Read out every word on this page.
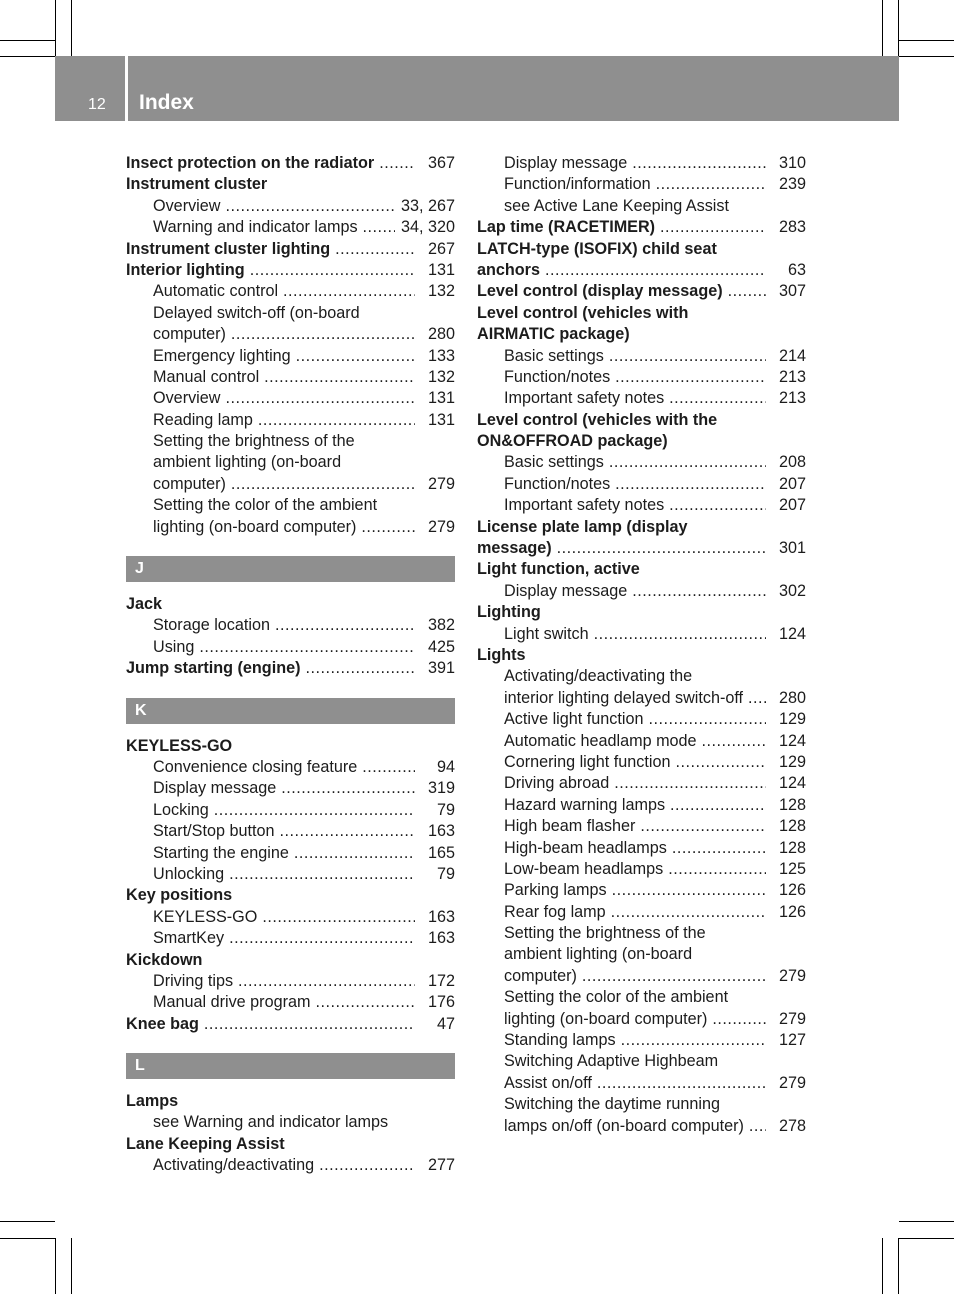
12 Index
Insect protection on the radiator .....	367
Instrument cluster
Overview .....	33, 267
Warning and indicator lamps .....	34, 320
Instrument cluster lighting .....	267
Interior lighting .....	131
Automatic control .....	132
Delayed switch-off (on-board
computer) .....	280
Emergency lighting .....	133
Manual control .....	132
Overview .....	131
Reading lamp .....	131
Setting the brightness of the
ambient lighting (on-board
computer) .....	279
Setting the color of the ambient
lighting (on-board computer) .....	279
J
Jack
Storage location .....	382
Using .....	425
Jump starting (engine) .....	391
K
KEYLESS-GO
Convenience closing feature .....	94
Display message .....	319
Locking .....	79
Start/Stop button .....	163
Starting the engine .....	165
Unlocking .....	79
Key positions
KEYLESS-GO .....	163
SmartKey .....	163
Kickdown
Driving tips .....	172
Manual drive program .....	176
Knee bag .....	47
L
Lamps
see Warning and indicator lamps
Lane Keeping Assist
Activating/deactivating .....	277
Display message .....	310
Function/information .....	239
see Active Lane Keeping Assist
Lap time (RACETIMER) .....	283
LATCH-type (ISOFIX) child seat
anchors .....	63
Level control (display message) .....	307
Level control (vehicles with
AIRMATIC package)
Basic settings .....	214
Function/notes .....	213
Important safety notes .....	213
Level control (vehicles with the
ON&OFFROAD package)
Basic settings .....	208
Function/notes .....	207
Important safety notes .....	207
License plate lamp (display
message) .....	301
Light function, active
Display message .....	302
Lighting
Light switch .....	124
Lights
Activating/deactivating the
interior lighting delayed switch-off .....	280
Active light function .....	129
Automatic headlamp mode .....	124
Cornering light function .....	129
Driving abroad .....	124
Hazard warning lamps .....	128
High beam flasher .....	128
High-beam headlamps .....	128
Low-beam headlamps .....	125
Parking lamps .....	126
Rear fog lamp .....	126
Setting the brightness of the
ambient lighting (on-board
computer) .....	279
Setting the color of the ambient
lighting (on-board computer) .....	279
Standing lamps .....	127
Switching Adaptive Highbeam
Assist on/off .....	279
Switching the daytime running
lamps on/off (on-board computer) .....	278
